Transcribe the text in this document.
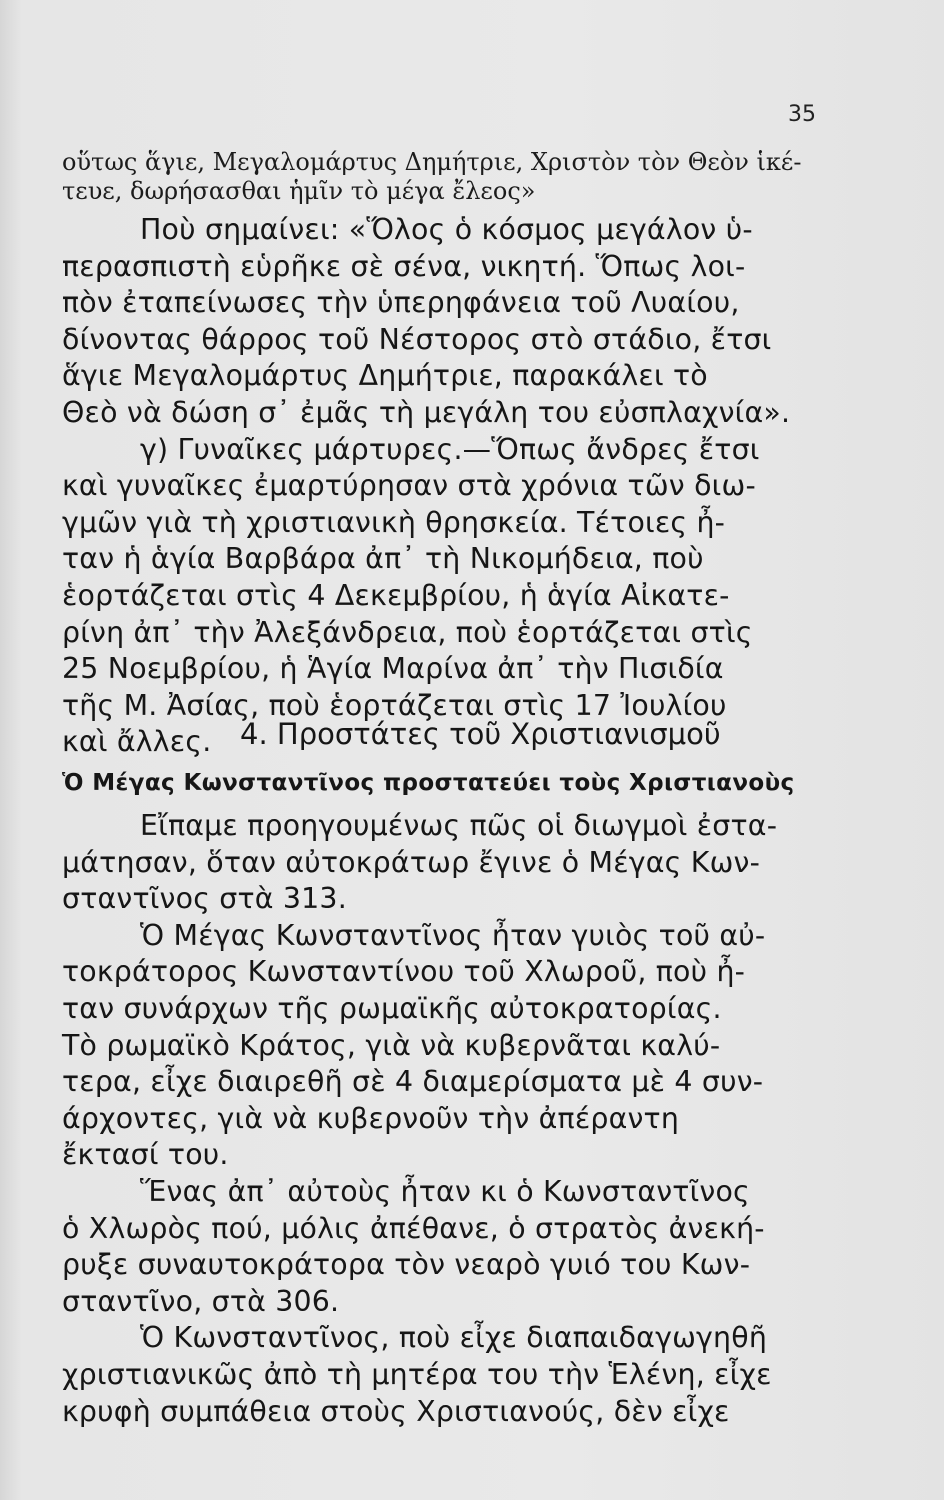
35
οὕτως ἅγιε, Μεγαλομάρτυς Δημήτριε, Χριστὸν τὸν Θεὸν ἱκέ-
τευε, δωρήσασθαι ἡμῖν τὸ μέγα ἔλεος»
Ποὺ σημαίνει: «Ὅλος ὁ κόσμος μεγάλον ὑ-
περασπιστὴ εὑρῆκε σὲ σένα, νικητή. Ὅπως λοι-
πὸν ἐταπείνωσες τὴν ὑπερηφάνεια τοῦ Λυαίου,
δίνοντας θάρρος τοῦ Νέστορος στὸ στάδιο, ἔτσι
ἅγιε Μεγαλομάρτυς Δημήτριε, παρακάλει τὸ
Θεὸ νὰ δώση σ᾽ ἐμᾶς τὴ μεγάλη του εὐσπλαχνία».
γ) Γυναῖκες μάρτυρες.—Ὅπως ἄνδρες ἔτσι
καὶ γυναῖκες ἐμαρτύρησαν στὰ χρόνια τῶν διω-
γμῶν γιὰ τὴ χριστιανικὴ θρησκεία. Τέτοιες ἦ-
ταν ἡ ἁγία Βαρβάρα ἀπ᾽ τὴ Νικομήδεια, ποὺ
ἑορτάζεται στὶς 4 Δεκεμβρίου, ἡ ἁγία Αἰκατε-
ρίνη ἀπ᾽ τὴν Ἀλεξάνδρεια, ποὺ ἑορτάζεται στὶς
25 Νοεμβρίου, ἡ Ἁγία Μαρίνα ἀπ᾽ τὴν Πισιδία
τῆς Μ. Ἀσίας, ποὺ ἑορτάζεται στὶς 17 Ἰουλίου
καὶ ἄλλες. 4. Προστάτες τοῦ Χριστιανισμοῦ
Ὁ Μέγας Κωνσταντῖνος προστατεύει τοὺς Χριστιανοὺς
Εἴπαμε προηγουμένως πῶς οἱ διωγμοὶ ἐστα-
μάτησαν, ὅταν αὐτοκράτωρ ἔγινε ὁ Μέγας Κων-
σταντῖνος στὰ 313.
Ὁ Μέγας Κωνσταντῖνος ἦταν γυιὸς τοῦ αὐ-
τοκράτορος Κωνσταντίνου τοῦ Χλωροῦ, ποὺ ἦ-
ταν συνάρχων τῆς ρωμαϊκῆς αὐτοκρατορίας.
Τὸ ρωμαϊκὸ Κράτος, γιὰ νὰ κυβερνᾶται καλύ-
τερα, εἶχε διαιρεθῆ σὲ 4 διαμερίσματα μὲ 4 συν-
άρχοντες, γιὰ νὰ κυβερνοῦν τὴν ἀπέραντη
ἔκτασί του.
Ἕνας ἀπ᾽ αὐτοὺς ἦταν κι ὁ Κωνσταντῖνος
ὁ Χλωρὸς πού, μόλις ἀπέθανε, ὁ στρατὸς ἀνεκή-
ρυξε συναυτοκράτορα τὸν νεαρὸ γυιό του Κων-
σταντῖνο, στὰ 306.
Ὁ Κωνσταντῖνος, ποὺ εἶχε διαπαιδαγωγηθῆ
χριστιανικῶς ἀπὸ τὴ μητέρα του τὴν Ἑλένη, εἶχε
κρυφὴ συμπάθεια στοὺς Χριστιανούς, δὲν εἶχε
